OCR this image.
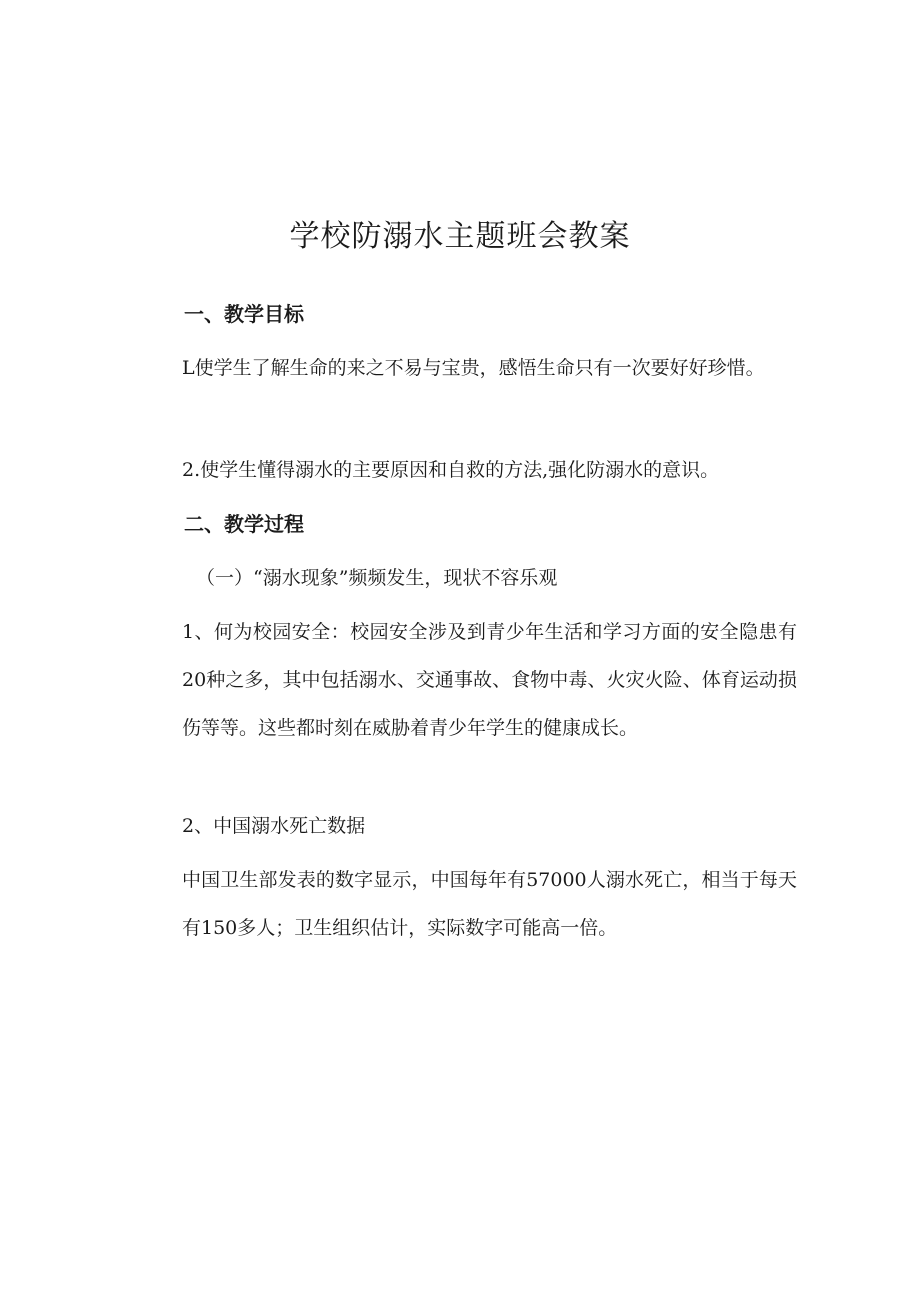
学校防溺水主题班会教案
一、教学目标
L使学生了解生命的来之不易与宝贵，感悟生命只有一次要好好珍惜。
2.使学生懂得溺水的主要原因和自救的方法,强化防溺水的意识。
二、教学过程
（一）“溺水现象”频频发生，现状不容乐观
1、何为校园安全：校园安全涉及到青少年生活和学习方面的安全隐患有20种之多，其中包括溺水、交通事故、食物中毒、火灾火险、体育运动损伤等等。这些都时刻在威胁着青少年学生的健康成长。
2、中国溺水死亡数据
中国卫生部发表的数字显示，中国每年有57000人溺水死亡，相当于每天有150多人；卫生组织估计，实际数字可能高一倍。
